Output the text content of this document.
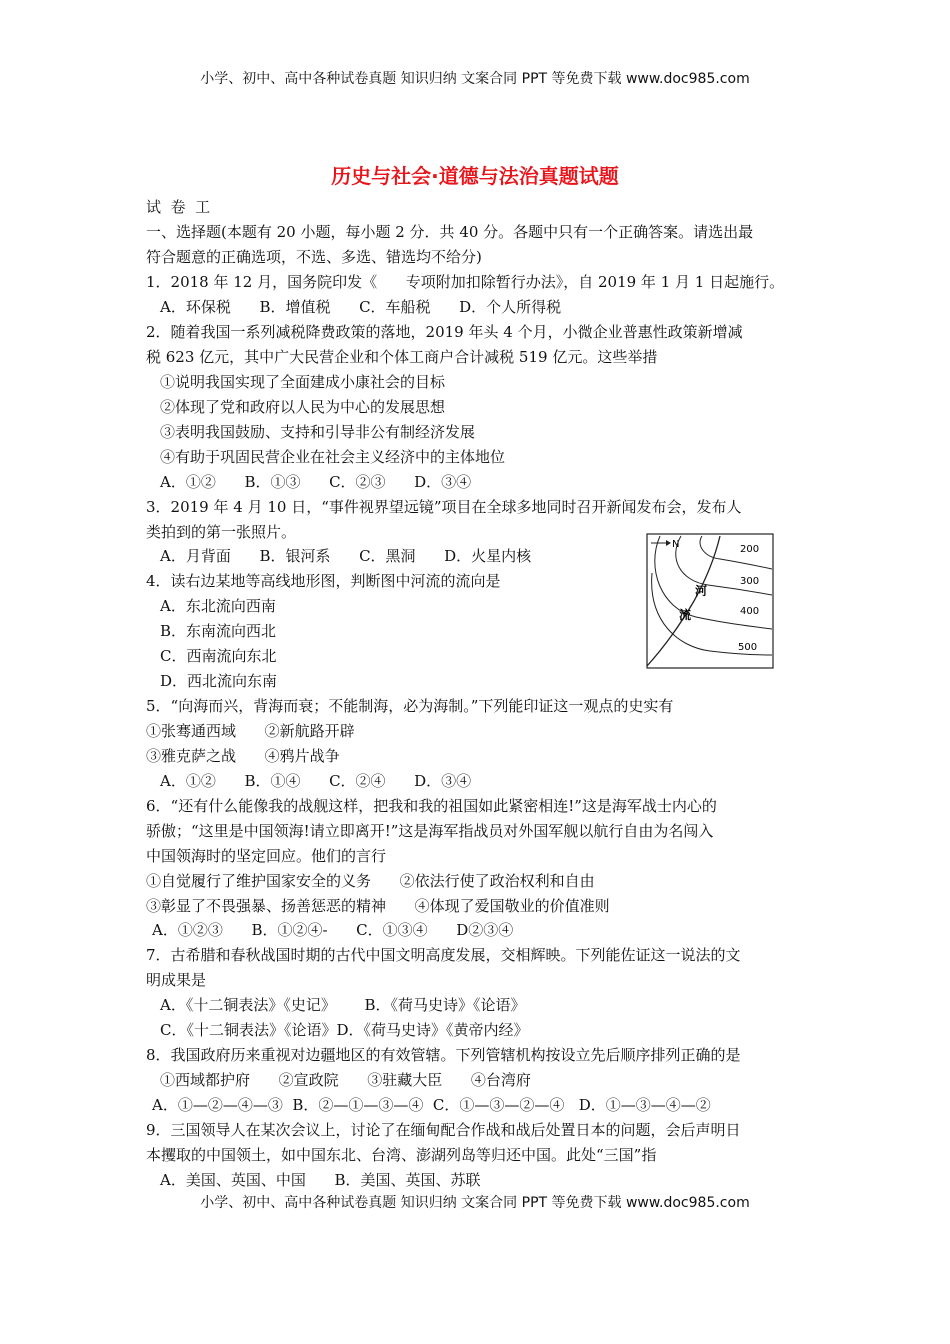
小学、初中、高中各种试卷真题 知识归纳 文案合同 PPT 等免费下载 www.doc985.com
历史与社会·道德与法治真题试题
试  卷  工
一、选择题(本题有 20 小题，每小题 2 分．共 40 分。各题中只有一个正确答案。请选出最
符合题意的正确选项，不选、多选、错选均不给分)
1．2018 年 12 月，国务院印发《      专项附加扣除暂行办法》，自 2019 年 1 月 1 日起施行。
A．环保税      B．增值税      C．车船税      D．个人所得税
2．随着我国一系列减税降费政策的落地，2019 年头 4 个月，小微企业普惠性政策新增减
税 623 亿元，其中广大民营企业和个体工商户合计减税 519 亿元。这些举措
①说明我国实现了全面建成小康社会的目标
②体现了党和政府以人民为中心的发展思想
③表明我国鼓励、支持和引导非公有制经济发展
④有助于巩固民营企业在社会主义经济中的主体地位
A．①②      B．①③      C．②③      D．③④
3．2019 年 4 月 10 日，“事件视界望远镜”项目在全球多地同时召开新闻发布会，发布人
类拍到的第一张照片。
A．月背面      B．银河系      C．黑洞      D．火星内核
4．读右边某地等高线地形图，判断图中河流的流向是
A．东北流向西南
B．东南流向西北
C．西南流向东北
D．西北流向东南
5．“向海而兴，背海而衰；不能制海，必为海制。”下列能印证这一观点的史实有
①张骞通西域      ②新航路开辟
③雅克萨之战      ④鸦片战争
A．①②      B．①④      C．②④      D．③④
6．“还有什么能像我的战舰这样，把我和我的祖国如此紧密相连!”这是海军战士内心的
骄傲；“这里是中国领海!请立即离开!”这是海军指战员对外国军舰以航行自由为名闯入
中国领海时的坚定回应。他们的言行
①自觉履行了维护国家安全的义务      ②依法行使了政治权利和自由
③彰显了不畏强暴、扬善惩恶的精神      ④体现了爱国敬业的价值准则
A．①②③      B．①②④-      C．①③④      D②③④
7．古希腊和春秋战国时期的古代中国文明高度发展，交相辉映。下列能佐证这一说法的文
明成果是
A．《十二铜表法》《史记》      B．《荷马史诗》《论语》
C．《十二铜表法》《论语》D．《荷马史诗》《黄帝内经》
8．我国政府历来重视对边疆地区的有效管辖。下列管辖机构按设立先后顺序排列正确的是
①西域都护府      ②宣政院      ③驻藏大臣      ④台湾府
A．①—②—④—③  B．②—①—③—④  C．①—③—②—④   D．①—③—④—②
9．三国领导人在某次会议上，讨论了在缅甸配合作战和战后处置日本的问题，会后声明日
本攫取的中国领土，如中国东北、台湾、澎湖列岛等归还中国。此处“三国”指
A．美国、英国、中国      B．美国、英国、苏联
N	200
300
400
500
河
流
小学、初中、高中各种试卷真题 知识归纳 文案合同 PPT 等免费下载 www.doc985.com
